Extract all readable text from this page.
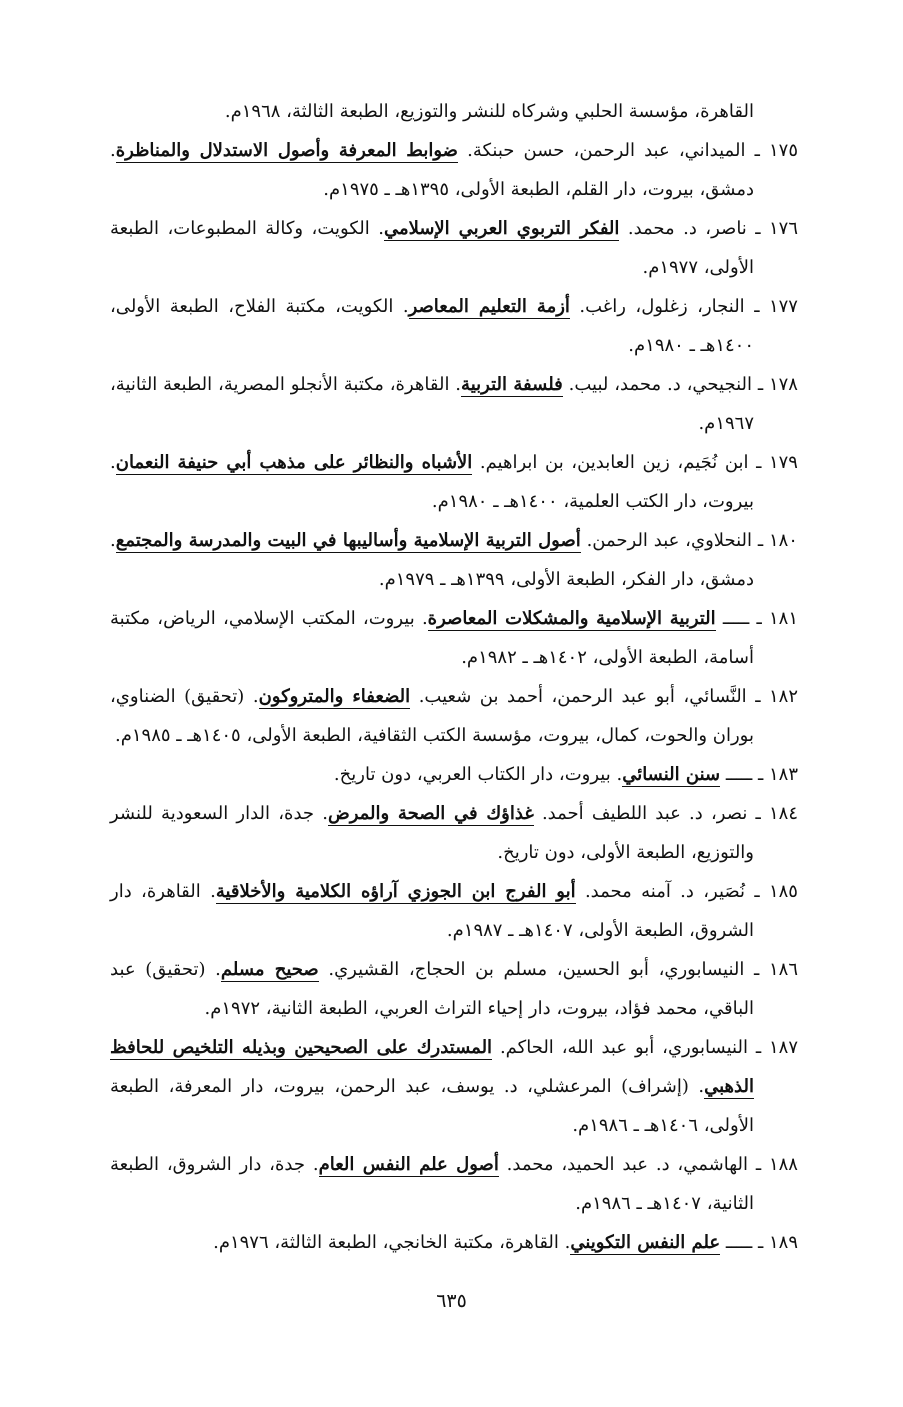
القاهرة، مؤسسة الحلبي وشركاه للنشر والتوزيع، الطبعة الثالثة، ١٩٦٨م.

١٧٥ ـ الميداني، عبد الرحمن، حسن حبنكة. ضوابط المعرفة وأصول الاستدلال والمناظرة. دمشق، بيروت، دار القلم، الطبعة الأولى، ١٣٩٥هـ ـ ١٩٧٥م.

١٧٦ ـ ناصر، د. محمد. الفكر التربوي العربي الإسلامي. الكويت، وكالة المطبوعات، الطبعة الأولى، ١٩٧٧م.

١٧٧ ـ النجار، زغلول، راغب. أزمة التعليم المعاصر. الكويت، مكتبة الفلاح، الطبعة الأولى، ١٤٠٠هـ ـ ١٩٨٠م.

١٧٨ ـ النجيحي، د. محمد، لبيب. فلسفة التربية. القاهرة، مكتبة الأنجلو المصرية، الطبعة الثانية، ١٩٦٧م.

١٧٩ ـ ابن نُجَيم، زين العابدين، بن ابراهيم. الأشباه والنظائر على مذهب أبي حنيفة النعمان. بيروت، دار الكتب العلمية، ١٤٠٠هـ ـ ١٩٨٠م.

١٨٠ ـ النحلاوي، عبد الرحمن. أصول التربية الإسلامية وأساليبها في البيت والمدرسة والمجتمع. دمشق، دار الفكر، الطبعة الأولى، ١٣٩٩هـ ـ ١٩٧٩م.

١٨١ ـ ـــــ التربية الإسلامية والمشكلات المعاصرة. بيروت، المكتب الإسلامي، الرياض، مكتبة أسامة، الطبعة الأولى، ١٤٠٢هـ ـ ١٩٨٢م.

١٨٢ ـ النَّسائي، أبو عبد الرحمن، أحمد بن شعيب. الضعفاء والمتروكون. (تحقيق) الضناوي، بوران والحوت، كمال، بيروت، مؤسسة الكتب الثقافية، الطبعة الأولى، ١٤٠٥هـ ـ ١٩٨٥م.

١٨٣ ـ ـــــ سنن النسائي. بيروت، دار الكتاب العربي، دون تاريخ.

١٨٤ ـ نصر، د. عبد اللطيف أحمد. غذاؤك في الصحة والمرض. جدة، الدار السعودية للنشر والتوزيع، الطبعة الأولى، دون تاريخ.

١٨٥ ـ نُصَير، د. آمنه محمد. أبو الفرج ابن الجوزي آراؤه الكلامية والأخلاقية. القاهرة، دار الشروق، الطبعة الأولى، ١٤٠٧هـ ـ ١٩٨٧م.

١٨٦ ـ النيسابوري، أبو الحسين، مسلم بن الحجاج، القشيري. صحيح مسلم. (تحقيق) عبد الباقي، محمد فؤاد، بيروت، دار إحياء التراث العربي، الطبعة الثانية، ١٩٧٢م.

١٨٧ ـ النيسابوري، أبو عبد الله، الحاكم. المستدرك على الصحيحين وبذيله التلخيص للحافظ الذهبي. (إشراف) المرعشلي، د. يوسف، عبد الرحمن، بيروت، دار المعرفة، الطبعة الأولى، ١٤٠٦هـ ـ ١٩٨٦م.

١٨٨ ـ الهاشمي، د. عبد الحميد، محمد. أصول علم النفس العام. جدة، دار الشروق، الطبعة الثانية، ١٤٠٧هـ ـ ١٩٨٦م.

١٨٩ ـ ـــــ علم النفس التكويني. القاهرة، مكتبة الخانجي، الطبعة الثالثة، ١٩٧٦م.

٦٣٥
